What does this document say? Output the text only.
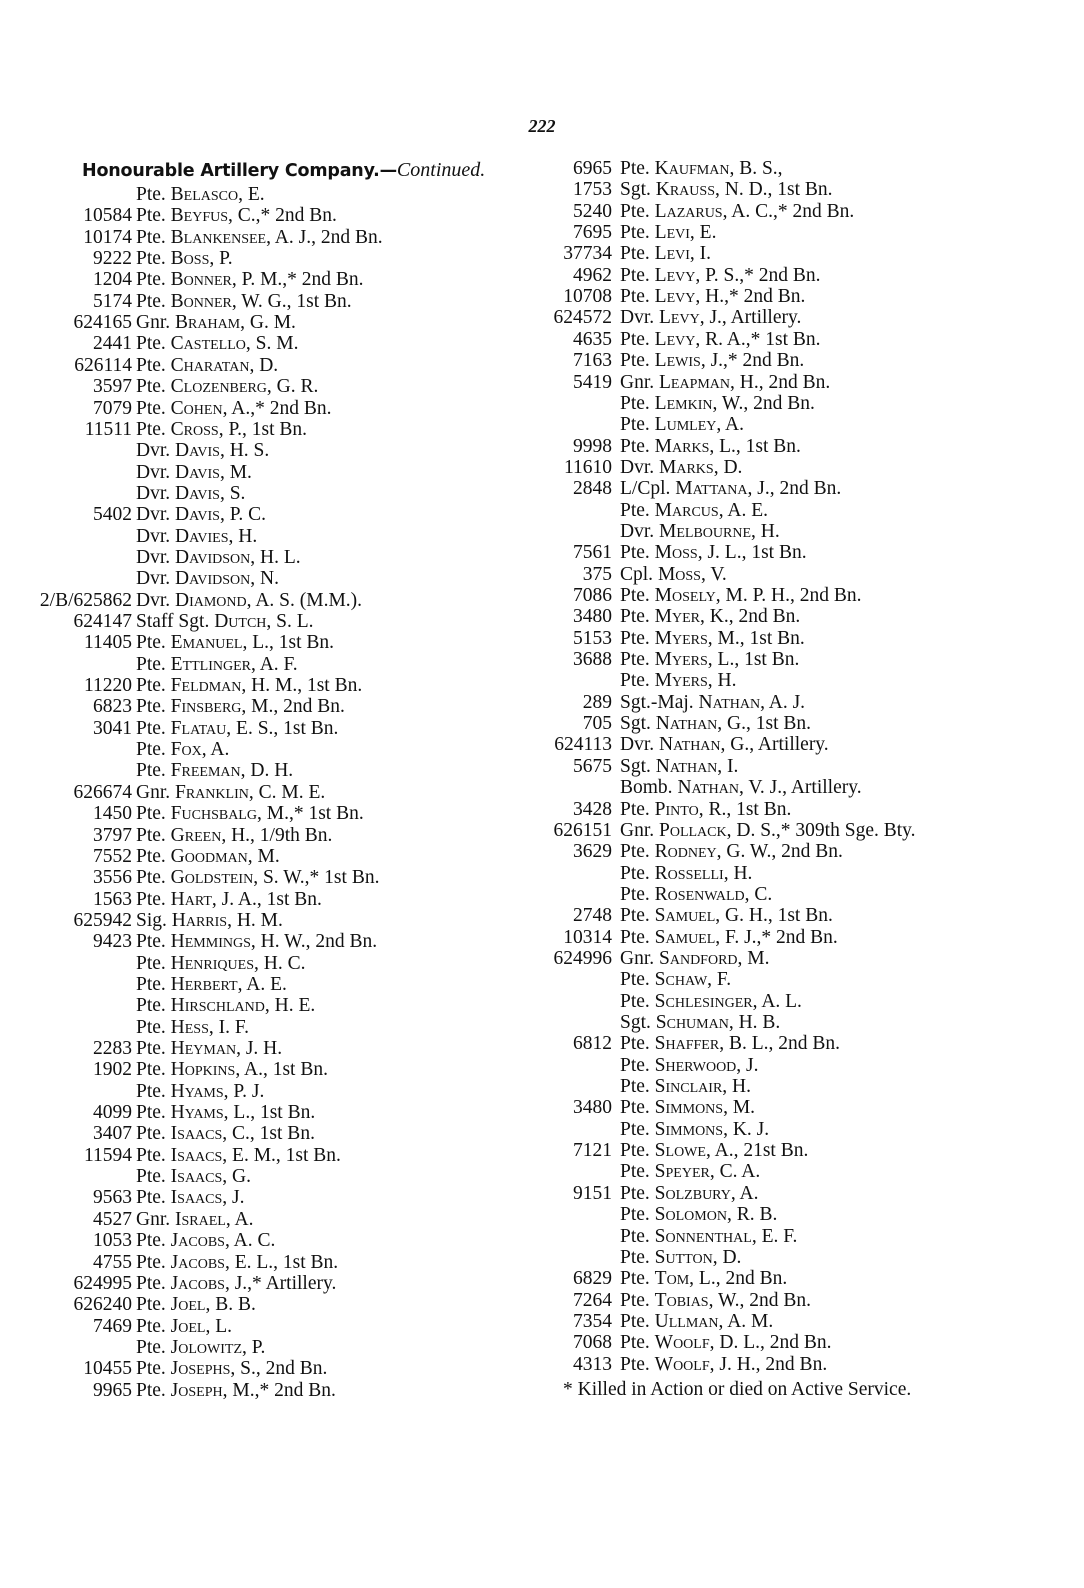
222
Honourable Artillery Company.—Continued.
Pte. Belasco, E.
10584 Pte. Beyfus, C.,* 2nd Bn.
10174 Pte. Blankensee, A. J., 2nd Bn.
9222 Pte. Boss, P.
1204 Pte. Bonner, P. M.,* 2nd Bn.
5174 Pte. Bonner, W. G., 1st Bn.
624165 Gnr. Braham, G. M.
2441 Pte. Castello, S. M.
626114 Pte. Charatan, D.
3597 Pte. Clozenberg, G. R.
7079 Pte. Cohen, A.,* 2nd Bn.
11511 Pte. Cross, P., 1st Bn.
Dvr. Davis, H. S.
Dvr. Davis, M.
Dvr. Davis, S.
5402 Dvr. Davis, P. C.
Dvr. Davies, H.
Dvr. Davidson, H. L.
Dvr. Davidson, N.
2/B/625862 Dvr. Diamond, A. S. (M.M.).
624147 Staff Sgt. Dutch, S. L.
11405 Pte. Emanuel, L., 1st Bn.
Pte. Ettlinger, A. F.
11220 Pte. Feldman, H. M., 1st Bn.
6823 Pte. Finsberg, M., 2nd Bn.
3041 Pte. Flatau, E. S., 1st Bn.
Pte. Fox, A.
Pte. Freeman, D. H.
626674 Gnr. Franklin, C. M. E.
1450 Pte. Fuchsbalg, M.,* 1st Bn.
3797 Pte. Green, H., 1/9th Bn.
7552 Pte. Goodman, M.
3556 Pte. Goldstein, S. W.,* 1st Bn.
1563 Pte. Hart, J. A., 1st Bn.
625942 Sig. Harris, H. M.
9423 Pte. Hemmings, H. W., 2nd Bn.
Pte. Henriques, H. C.
Pte. Herbert, A. E.
Pte. Hirschland, H. E.
Pte. Hess, I. F.
2283 Pte. Heyman, J. H.
1902 Pte. Hopkins, A., 1st Bn.
Pte. Hyams, P. J.
4099 Pte. Hyams, L., 1st Bn.
3407 Pte. Isaacs, C., 1st Bn.
11594 Pte. Isaacs, E. M., 1st Bn.
Pte. Isaacs, G.
9563 Pte. Isaacs, J.
4527 Gnr. Israel, A.
1053 Pte. Jacobs, A. C.
4755 Pte. Jacobs, E. L., 1st Bn.
624995 Pte. Jacobs, J.,* Artillery.
626240 Pte. Joel, B. B.
7469 Pte. Joel, L.
Pte. Jolowitz, P.
10455 Pte. Josephs, S., 2nd Bn.
9965 Pte. Joseph, M.,* 2nd Bn.
6965 Pte. Kaufman, B. S.,
1753 Sgt. Krauss, N. D., 1st Bn.
5240 Pte. Lazarus, A. C.,* 2nd Bn.
7695 Pte. Levi, E.
37734 Pte. Levi, I.
4962 Pte. Levy, P. S.,* 2nd Bn.
10708 Pte. Levy, H.,* 2nd Bn.
624572 Dvr. Levy, J., Artillery.
4635 Pte. Levy, R. A.,* 1st Bn.
7163 Pte. Lewis, J.,* 2nd Bn.
5419 Gnr. Leapman, H., 2nd Bn.
Pte. Lemkin, W., 2nd Bn.
Pte. Lumley, A.
9998 Pte. Marks, L., 1st Bn.
11610 Dvr. Marks, D.
2848 L/Cpl. Mattana, J., 2nd Bn.
Pte. Marcus, A. E.
Dvr. Melbourne, H.
7561 Pte. Moss, J. L., 1st Bn.
375 Cpl. Moss, V.
7086 Pte. Mosely, M. P. H., 2nd Bn.
3480 Pte. Myer, K., 2nd Bn.
5153 Pte. Myers, M., 1st Bn.
3688 Pte. Myers, L., 1st Bn.
Pte. Myers, H.
289 Sgt.-Maj. Nathan, A. J.
705 Sgt. Nathan, G., 1st Bn.
624113 Dvr. Nathan, G., Artillery.
5675 Sgt. Nathan, I.
Bomb. Nathan, V. J., Artillery.
3428 Pte. Pinto, R., 1st Bn.
626151 Gnr. Pollack, D. S.,* 309th Sge. Bty.
3629 Pte. Rodney, G. W., 2nd Bn.
Pte. Rosselli, H.
Pte. Rosenwald, C.
2748 Pte. Samuel, G. H., 1st Bn.
10314 Pte. Samuel, F. J.,* 2nd Bn.
624996 Gnr. Sandford, M.
Pte. Schaw, F.
Pte. Schlesinger, A. L.
Sgt. Schuman, H. B.
6812 Pte. Shaffer, B. L., 2nd Bn.
Pte. Sherwood, J.
Pte. Sinclair, H.
3480 Pte. Simmons, M.
Pte. Simmons, K. J.
7121 Pte. Slowe, A., 21st Bn.
Pte. Speyer, C. A.
9151 Pte. Solzbury, A.
Pte. Solomon, R. B.
Pte. Sonnenthal, E. F.
Pte. Sutton, D.
6829 Pte. Tom, L., 2nd Bn.
7264 Pte. Tobias, W., 2nd Bn.
7354 Pte. Ullman, A. M.
7068 Pte. Woolf, D. L., 2nd Bn.
4313 Pte. Woolf, J. H., 2nd Bn.
* Killed in Action or died on Active Service.
